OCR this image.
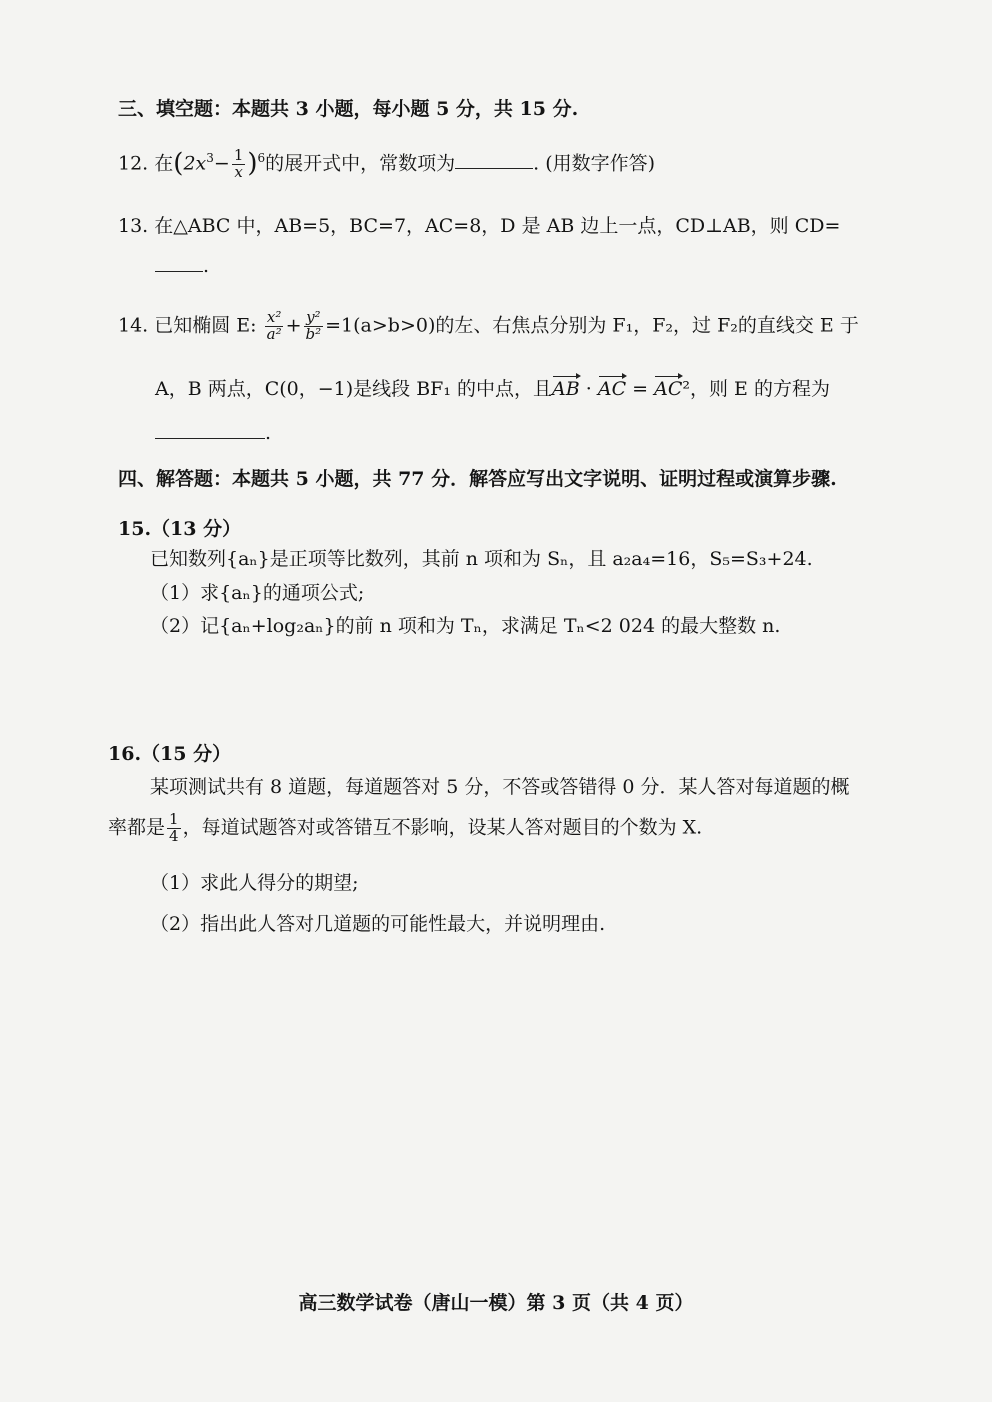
三、填空题：本题共 3 小题，每小题 5 分，共 15 分.
12. 在$(2x^3- \frac{1}{x} )^6$的展开式中，常数项为	. (用数字作答)
13. 在△ABC 中，AB=5，BC=7，AC=8，D 是 AB 边上一点，CD⊥AB，则 CD=
.
14. 已知椭圆 E: $\frac{\text{x²}}{\text{a²}} + \frac{\text{y²}}{\text{b²}} =1(a>b>0)$的左、右焦点分别为 F₁，F₂，过 F₂的直线交 E 于
A，B 两点，C(0，−1)是线段 BF₁ 的中点，且AB · AC = AC²，则 E 的方程为
.
四、解答题：本题共 5 小题，共 77 分．解答应写出文字说明、证明过程或演算步骤.
15.（13 分）
已知数列{aₙ}是正项等比数列，其前 n 项和为 Sₙ，且 a₂a₄=16，S₅=S₃+24.
（1）求{aₙ}的通项公式;
（2）记{aₙ+log₂aₙ}的前 n 项和为 Tₙ，求满足 Tₙ<2 024 的最大整数 n.
16.（15 分）
某项测试共有 8 道题，每道题答对 5 分，不答或答错得 0 分．某人答对每道题的概
率都是 $\frac{1}{4}$ ，每道试题答对或答错互不影响，设某人答对题目的个数为 X.
（1）求此人得分的期望;
（2）指出此人答对几道题的可能性最大，并说明理由.
高三数学试卷（唐山一模）第 3 页（共 4 页）
